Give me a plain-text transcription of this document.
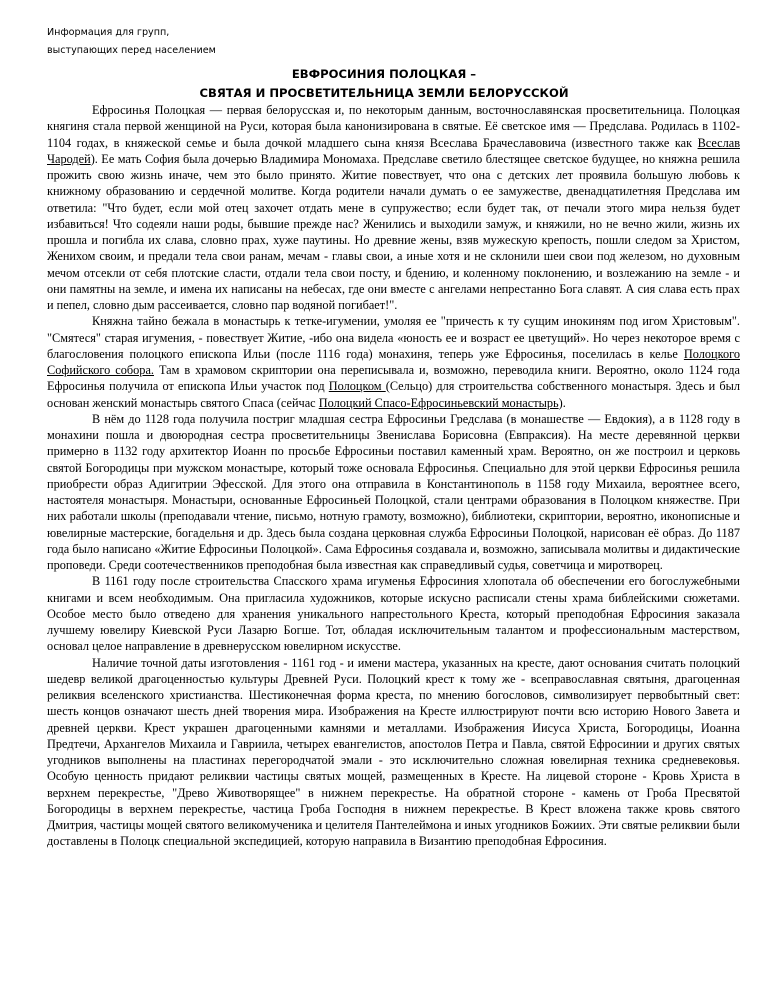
Информация для групп,
выступающих перед населением
ЕВФРОСИНИЯ ПОЛОЦКАЯ –
СВЯТАЯ И ПРОСВЕТИТЕЛЬНИЦА ЗЕМЛИ БЕЛОРУССКОЙ

Ефросинья Полоцкая — первая белорусская и, по некоторым данным, восточнославянская просветительница. Полоцкая княгиня стала первой женщиной на Руси, которая была канонизирована в святые. Её светское имя — Предслава. Родилась в 1102-1104 годах, в княжеской семье и была дочкой младшего сына князя Всеслава Брачеславовича (известного также как Всеслав Чародей). Ее мать София была дочерью Владимира Мономаха. Предславе светило блестящее светское будущее, но княжна решила прожить свою жизнь иначе, чем это было принято. Житие повествует, что она с детских лет проявила большую любовь к книжному образованию и сердечной молитве. Когда родители начали думать о ее замужестве, двенадцатилетняя Предслава им ответила: "Что будет, если мой отец захочет отдать мене в супружество; если будет так, от печали этого мира нельзя будет избавиться! Что содеяли наши роды, бывшие прежде нас? Женились и выходили замуж, и княжили, но не вечно жили, жизнь их прошла и погибла их слава, словно прах, хуже паутины. Но древние жены, взяв мужескую крепость, пошли следом за Христом, Женихом своим, и предали тела свои ранам, мечам - главы свои, а иные хотя и не склонили шеи свои под железом, но духовным мечом отсекли от себя плотские сласти, отдали тела свои посту, и бдению, и коленному поклонению, и возлежанию на земле - и они памятны на земле, и имена их написаны на небесах, где они вместе с ангелами непрестанно Бога славят. А сия слава есть прах и пепел, словно дым рассеивается, словно пар водяной погибает!".

Княжна тайно бежала в монастырь к тетке-игумении, умоляя ее "причесть к ту сущим инокиням под игом Христовым". "Смятеся" старая игумения, - повествует Житие, -ибо она видела «юность ее и возраст ее цветущий». Но через некоторое время с благословения полоцкого епископа Ильи (после 1116 года) монахиня, теперь уже Ефросинья, поселилась в келье Полоцкого Софийского собора. Там в храмовом скриптории она переписывала и, возможно, переводила книги. Вероятно, около 1124 года Ефросинья получила от епископа Ильи участок под Полоцком (Сельцо) для строительства собственного монастыря. Здесь и был основан женский монастырь святого Спаса (сейчас Полоцкий Спасо-Ефросиньевский монастырь).

В нём до 1128 года получила постриг младшая сестра Ефросиньи Гредслава (в монашестве — Евдокия), а в 1128 году в монахини пошла и двоюродная сестра просветительницы Звенислава Борисовна (Евпраксия). На месте деревянной церкви примерно в 1132 году архитектор Иоанн по просьбе Ефросиньи поставил каменный храм. Вероятно, он же построил и церковь святой Богородицы при мужском монастыре, который тоже основала Ефросинья. Специально для этой церкви Ефросинья решила приобрести образ Адигитрии Эфесской. Для этого она отправила в Константинополь в 1158 году Михаила, вероятнее всего, настоятеля монастыря. Монастыри, основанные Ефросиньей Полоцкой, стали центрами образования в Полоцком княжестве. При них работали школы (преподавали чтение, письмо, нотную грамоту, возможно), библиотеки, скриптории, вероятно, иконописные и ювелирные мастерские, богадельня и др. Здесь была создана церковная служба Ефросиньи Полоцкой, нарисован её образ. До 1187 года было написано «Житие Ефросиньи Полоцкой». Сама Ефросинья создавала и, возможно, записывала молитвы и дидактические проповеди. Среди соотечественников преподобная была известная как справедливый судья, советчица и миротворец.

В 1161 году после строительства Спасского храма игуменья Ефросиния хлопотала об обеспечении его богослужебными книгами и всем необходимым. Она пригласила художников, которые искусно расписали стены храма библейскими сюжетами. Особое место было отведено для хранения уникального напрестольного Креста, который преподобная Ефросиния заказала лучшему ювелиру Киевской Руси Лазарю Богше. Тот, обладая исключительным талантом и профессиональным мастерством, основал целое направление в древнерусском ювелирном искусстве.

Наличие точной даты изготовления - 1161 год - и имени мастера, указанных на кресте, дают основания считать полоцкий шедевр великой драгоценностью культуры Древней Руси. Полоцкий крест к тому же - всеправославная святыня, драгоценная реликвия вселенского христианства. Шестиконечная форма креста, по мнению богословов, символизирует первобытный свет: шесть концов означают шесть дней творения мира. Изображения на Кресте иллюстрируют почти всю историю Нового Завета и древней церкви. Крест украшен драгоценными камнями и металлами. Изображения Иисуса Христа, Богородицы, Иоанна Предтечи, Архангелов Михаила и Гавриила, четырех евангелистов, апостолов Петра и Павла, святой Ефросинии и других святых угодников выполнены на пластинах перегородчатой эмали - это исключительно сложная ювелирная техника средневековья. Особую ценность придают реликвии частицы святых мощей, размещенных в Кресте. На лицевой стороне - Кровь Христа в верхнем перекрестье, "Древо Животворящее" в нижнем перекрестье. На обратной стороне - камень от Гроба Пресвятой Богородицы в верхнем перекрестье, частица Гроба Господня в нижнем перекрестье. В Крест вложена также кровь святого Дмитрия, частицы мощей святого великомученика и целителя Пантелеймона и иных угодников Божиих. Эти святые реликвии были доставлены в Полоцк специальной экспедицией, которую направила в Византию преподобная Ефросиния.
